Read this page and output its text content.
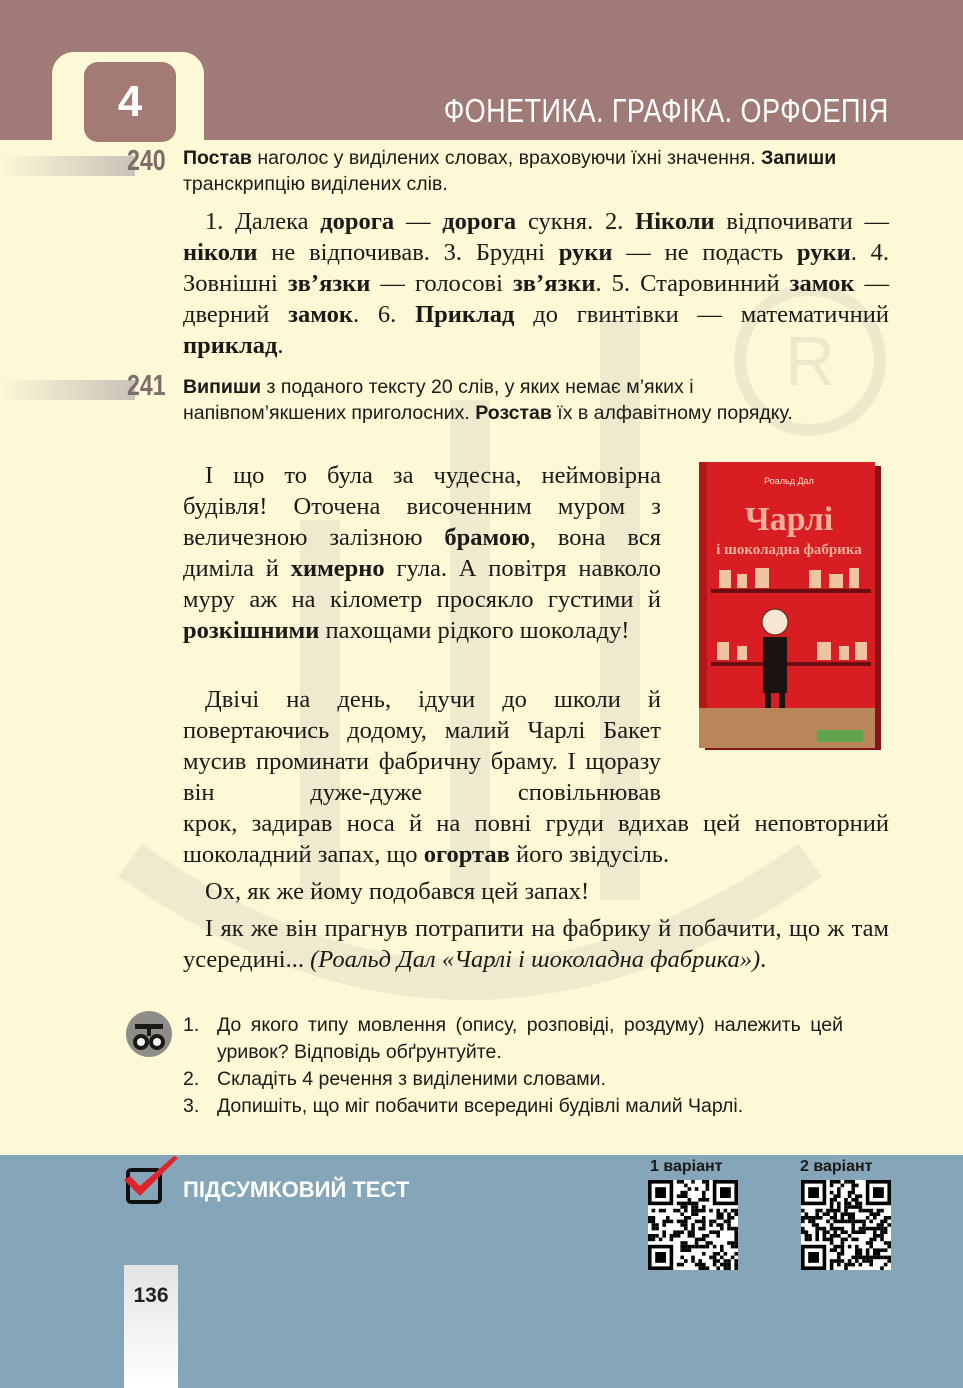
R
4	ФОНЕТИКА. ГРАФІКА. ОРФОЕПІЯ
240 Постав наголос у виділених словах, враховуючи їхні значення. Запиши транскрипцію виділених слів.
1. Далека дорога — дорога сукня. 2. Ніколи відпочивати — ніколи не відпочивав. 3. Брудні руки — не подасть руки. 4. Зовнішні зв’язки — голосові зв’язки. 5. Старовинний замок — дверний замок. 6. Приклад до гвинтівки — математичний приклад.
241 Випиши з поданого тексту 20 слів, у яких немає м’яких і напівпом’якшених приголосних. Розстав їх в алфавітному порядку.
І що то була за чудесна, неймовірна будівля! Оточена височенним муром з величезною залізною брамою, вона вся диміла й химерно гула. А повітря навколо муру аж на кілометр просякло густими й розкішними пахощами рідкого шоколаду!
Двічі на день, ідучи до школи й повертаючись додому, малий Чарлі Бакет мусив проминати фабричну браму. І щоразу він дуже-дуже сповільнював
крок, задирав носа й на повні груди вдихав цей неповторний шоколадний запах, що огортав його звідусіль.
Ох, як же йому подобався цей запах!
І як же він прагнув потрапити на фабрику й побачити, що ж там усередині... (Роальд Дал «Чарлі і шоколадна фабрика»).
Роальд Дал
Чарлі
і шоколадна фабрика
1. До якого типу мовлення (опису, розповіді, роздуму) належить цей уривок? Відповідь обґрунтуйте.
2. Складіть 4 речення з виділеними словами.
3. Допишіть, що міг побачити всередині будівлі малий Чарлі.
ПІДСУМКОВИЙ ТЕСТ
1 варіант	2 варіант
136
